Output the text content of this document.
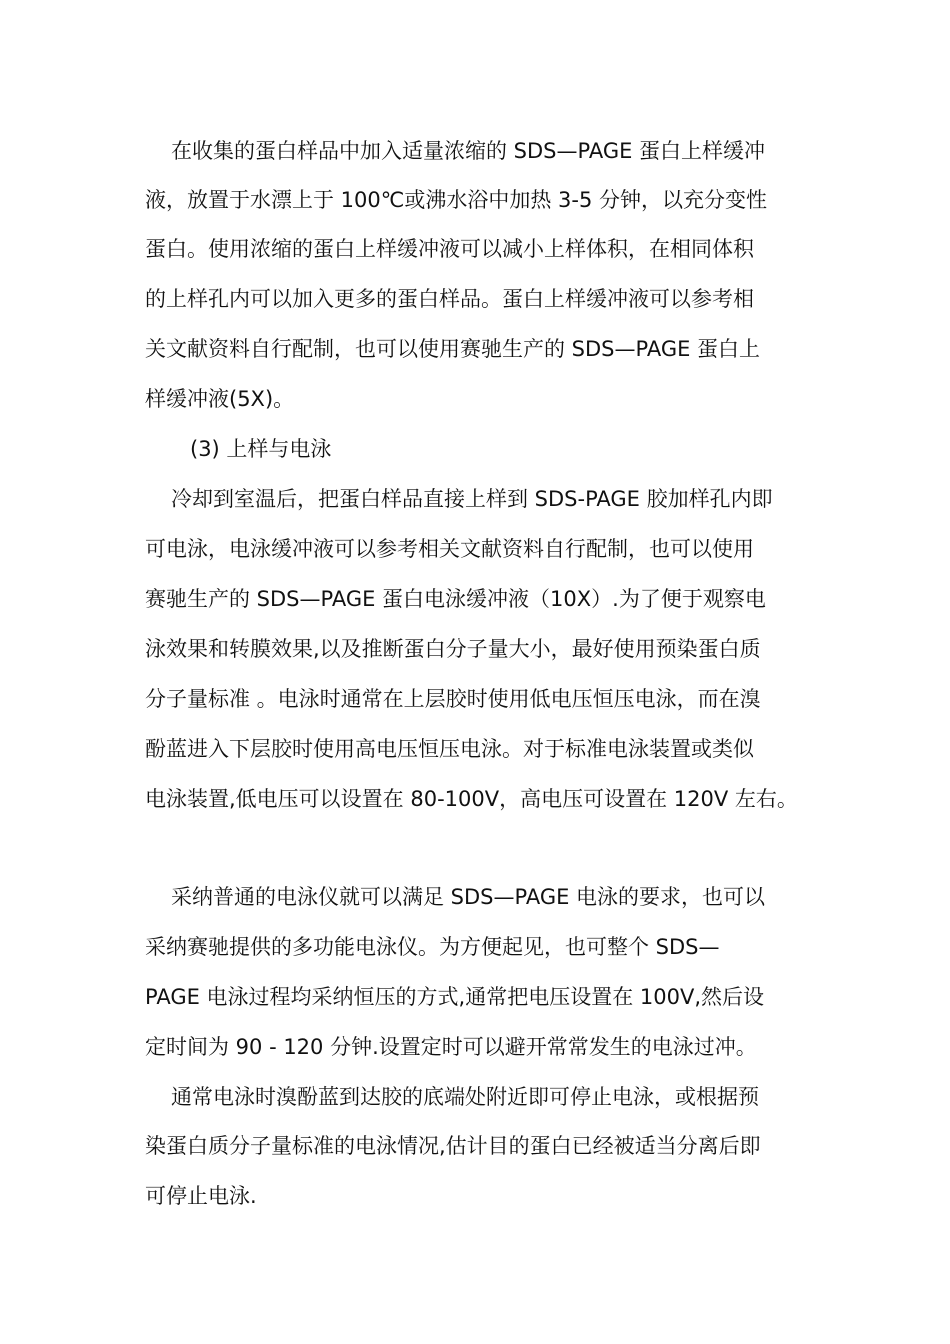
在收集的蛋白样品中加入适量浓缩的 SDS—PAGE 蛋白上样缓冲
液，放置于水漂上于 100℃或沸水浴中加热 3-5 分钟，以充分变性
蛋白。使用浓缩的蛋白上样缓冲液可以减小上样体积，在相同体积
的上样孔内可以加入更多的蛋白样品。蛋白上样缓冲液可以参考相
关文献资料自行配制，也可以使用赛驰生产的 SDS—PAGE 蛋白上
样缓冲液(5X)。
(3) 上样与电泳
冷却到室温后，把蛋白样品直接上样到 SDS-PAGE 胶加样孔内即
可电泳，电泳缓冲液可以参考相关文献资料自行配制，也可以使用
赛驰生产的 SDS—PAGE 蛋白电泳缓冲液（10X）.为了便于观察电
泳效果和转膜效果,以及推断蛋白分子量大小，最好使用预染蛋白质
分子量标准 。电泳时通常在上层胶时使用低电压恒压电泳，而在溴
酚蓝进入下层胶时使用高电压恒压电泳。对于标准电泳装置或类似
电泳装置,低电压可以设置在 80-100V，高电压可设置在 120V 左右。
采纳普通的电泳仪就可以满足 SDS—PAGE 电泳的要求，也可以
采纳赛驰提供的多功能电泳仪。为方便起见，也可整个 SDS—
PAGE 电泳过程均采纳恒压的方式,通常把电压设置在 100V,然后设
定时间为 90 - 120 分钟.设置定时可以避开常常发生的电泳过冲。
通常电泳时溴酚蓝到达胶的底端处附近即可停止电泳，或根据预
染蛋白质分子量标准的电泳情况,估计目的蛋白已经被适当分离后即
可停止电泳.
